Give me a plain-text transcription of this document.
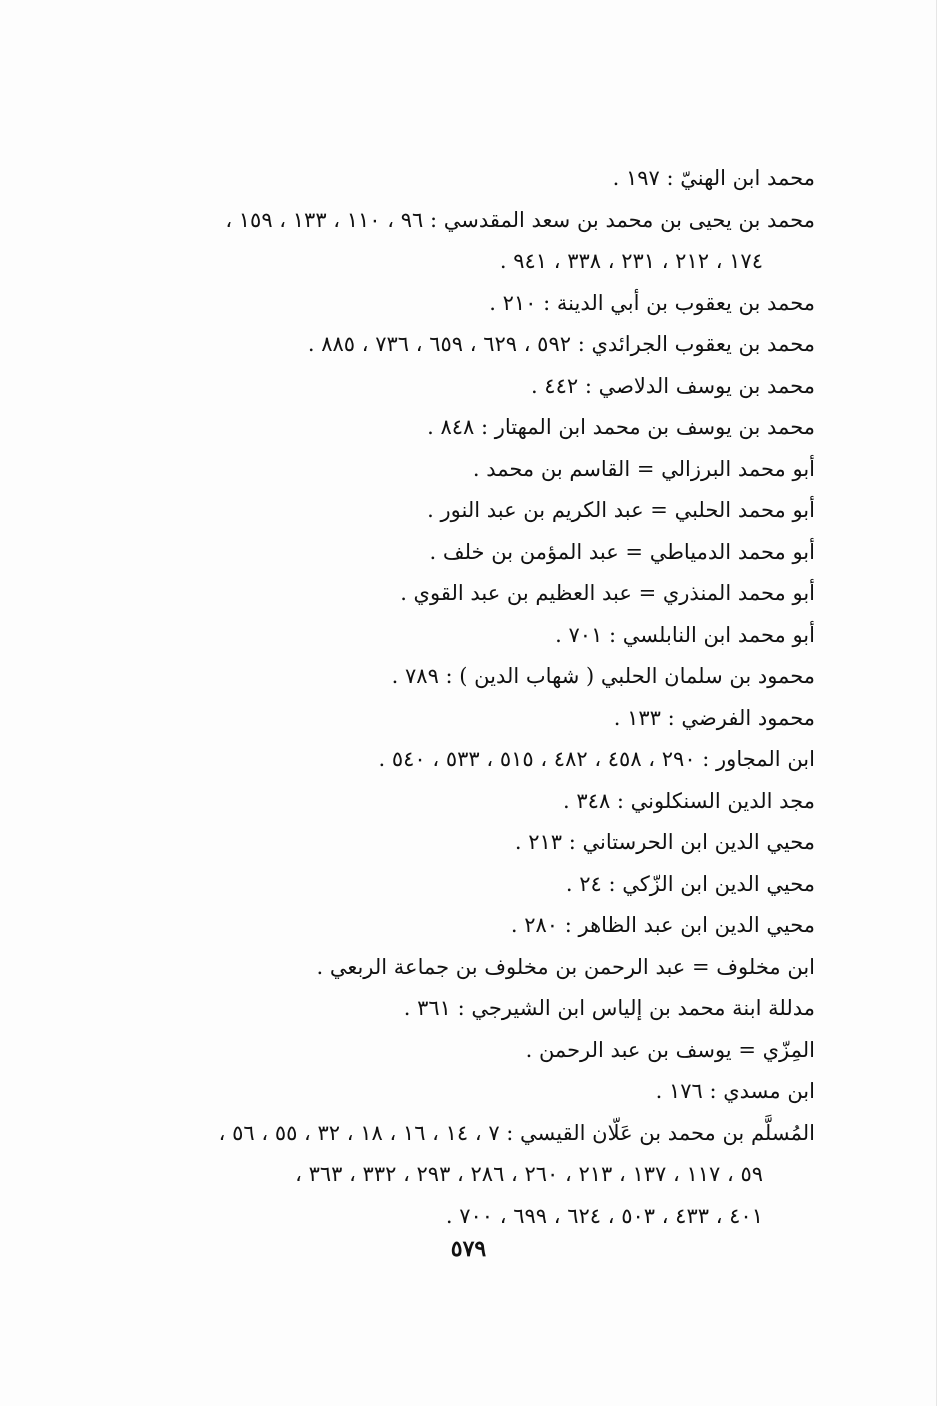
محمد ابن الهنيّ : ١٩٧ .
محمد بن يحيى بن محمد بن سعد المقدسي : ٩٦ ، ١١٠ ، ١٣٣ ، ١٥٩ ،
١٧٤ ، ٢١٢ ، ٢٣١ ، ٣٣٨ ، ٩٤١ .
محمد بن يعقوب بن أبي الدينة : ٢١٠ .
محمد بن يعقوب الجرائدي : ٥٩٢ ، ٦٢٩ ، ٦٥٩ ، ٧٣٦ ، ٨٨٥ .
محمد بن يوسف الدلاصي : ٤٤٢ .
محمد بن يوسف بن محمد ابن المهتار : ٨٤٨ .
أبو محمد البرزالي = القاسم بن محمد .
أبو محمد الحلبي = عبد الكريم بن عبد النور .
أبو محمد الدمياطي = عبد المؤمن بن خلف .
أبو محمد المنذري = عبد العظيم بن عبد القوي .
أبو محمد ابن النابلسي : ٧٠١ .
محمود بن سلمان الحلبي ( شهاب الدين ) : ٧٨٩ .
محمود الفرضي : ١٣٣ .
ابن المجاور : ٢٩٠ ، ٤٥٨ ، ٤٨٢ ، ٥١٥ ، ٥٣٣ ، ٥٤٠ .
مجد الدين السنكلوني : ٣٤٨ .
محيي الدين ابن الحرستاني : ٢١٣ .
محيي الدين ابن الزّكي : ٢٤ .
محيي الدين ابن عبد الظاهر : ٢٨٠ .
ابن مخلوف = عبد الرحمن بن مخلوف بن جماعة الربعي .
مدللة ابنة محمد بن إلياس ابن الشيرجي : ٣٦١ .
المِزّي = يوسف بن عبد الرحمن .
ابن مسدي : ١٧٦ .
المُسلَّم بن محمد بن عَلّان القيسي : ٧ ، ١٤ ، ١٦ ، ١٨ ، ٣٢ ، ٥٥ ، ٥٦ ،
٥٩ ، ١١٧ ، ١٣٧ ، ٢١٣ ، ٢٦٠ ، ٢٨٦ ، ٢٩٣ ، ٣٣٢ ، ٣٦٣ ،
٤٠١ ، ٤٣٣ ، ٥٠٣ ، ٦٢٤ ، ٦٩٩ ، ٧٠٠ .
٥٧٩
